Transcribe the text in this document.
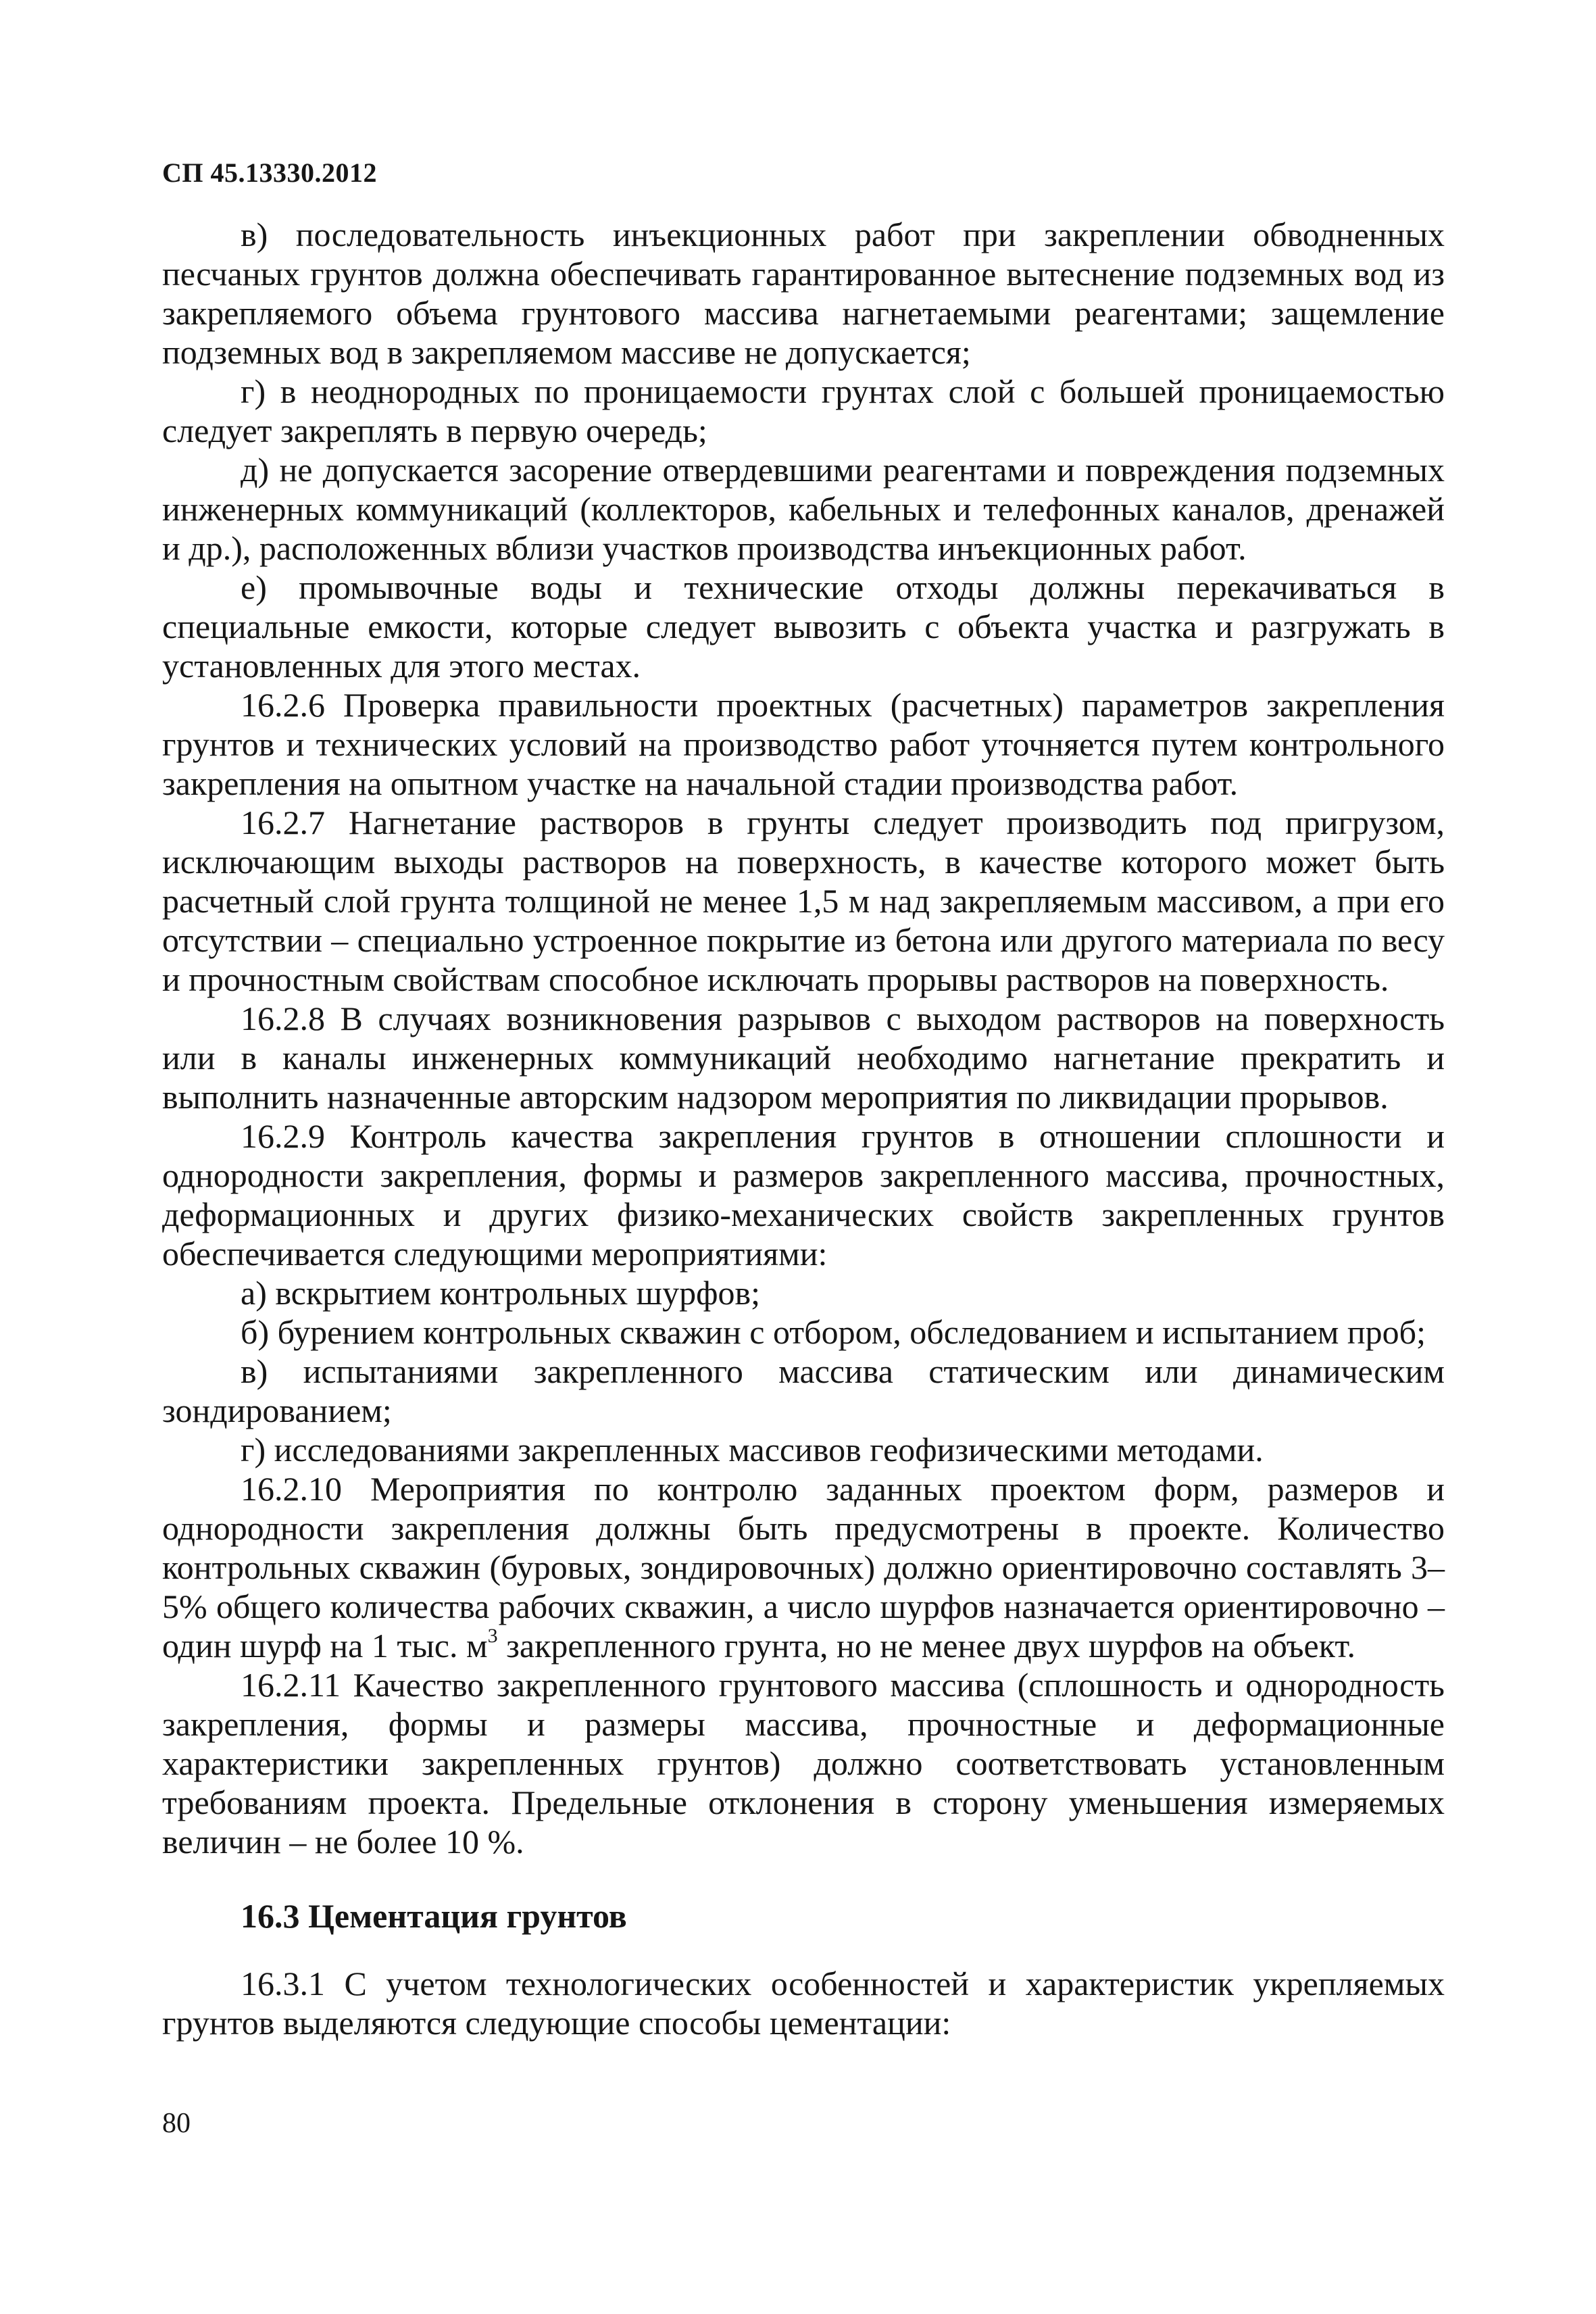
СП 45.13330.2012

в) последовательность инъекционных работ при закреплении обводненных песчаных грунтов должна обеспечивать гарантированное вытеснение подземных вод из закрепляемого объема грунтового массива нагнетаемыми реагентами; защемление подземных вод в закрепляемом массиве не допускается;

г) в неоднородных по проницаемости грунтах слой с большей проницаемостью следует закреплять в первую очередь;

д) не допускается засорение отвердевшими реагентами и повреждения подземных инженерных коммуникаций (коллекторов, кабельных и телефонных каналов, дренажей и др.), расположенных вблизи участков производства инъекционных работ.

е) промывочные воды и технические отходы должны перекачиваться в специальные емкости, которые следует вывозить с объекта участка и разгружать в установленных для этого местах.

16.2.6 Проверка правильности проектных (расчетных) параметров закрепления грунтов и технических условий на производство работ уточняется путем контрольного закрепления на опытном участке на начальной стадии производства работ.

16.2.7 Нагнетание растворов в грунты следует производить под пригрузом, исключающим выходы растворов на поверхность, в качестве которого может быть расчетный слой грунта толщиной не менее 1,5 м над закрепляемым массивом, а при его отсутствии – специально устроенное покрытие из бетона или другого материала по весу и прочностным свойствам способное исключать прорывы растворов на поверхность.

16.2.8 В случаях возникновения разрывов с выходом растворов на поверхность или в каналы инженерных коммуникаций необходимо нагнетание прекратить и выполнить назначенные авторским надзором мероприятия по ликвидации прорывов.

16.2.9 Контроль качества закрепления грунтов в отношении сплошности и однородности закрепления, формы и размеров закрепленного массива, прочностных, деформационных и других физико-механических свойств закрепленных грунтов обеспечивается следующими мероприятиями:

а) вскрытием контрольных шурфов;

б) бурением контрольных скважин с отбором, обследованием и испытанием проб;

в) испытаниями закрепленного массива статическим или динамическим зондированием;

г) исследованиями закрепленных массивов геофизическими методами.

16.2.10 Мероприятия по контролю заданных проектом форм, размеров и однородности закрепления должны быть предусмотрены в проекте. Количество контрольных скважин (буровых, зондировочных) должно ориентировочно составлять 3–5% общего количества рабочих скважин, а число шурфов назначается ориентировочно – один шурф на 1 тыс. $м^3$ закрепленного грунта, но не менее двух шурфов на объект.

16.2.11 Качество закрепленного грунтового массива (сплошность и однородность закрепления, формы и размеры массива, прочностные и деформационные характеристики закрепленных грунтов) должно соответствовать установленным требованиям проекта. Предельные отклонения в сторону уменьшения измеряемых величин – не более 10 %.

16.3 Цементация грунтов

16.3.1 С учетом технологических особенностей и характеристик укрепляемых грунтов выделяются следующие способы цементации:

80
